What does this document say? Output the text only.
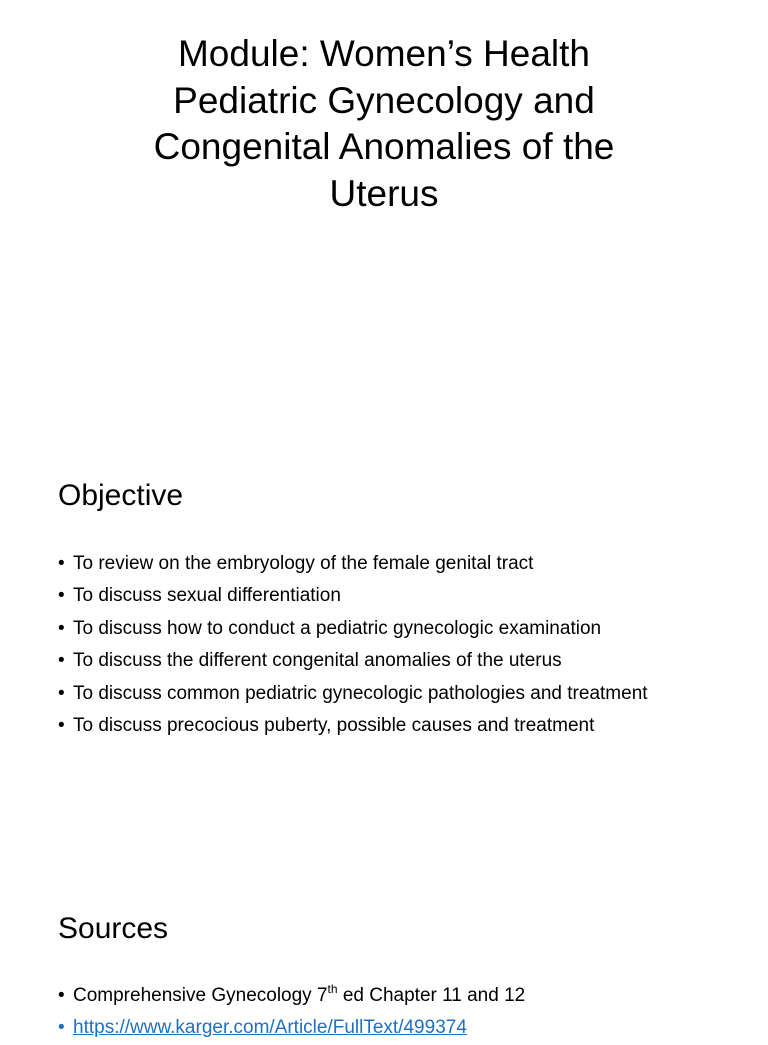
Module: Women’s Health
Pediatric Gynecology and
Congenital Anomalies of the
Uterus
Objective
• To review on the embryology of the female genital tract
• To discuss sexual differentiation
• To discuss how to conduct a pediatric gynecologic examination
• To discuss the different congenital anomalies of the uterus
• To discuss common pediatric gynecologic pathologies and treatment
• To discuss precocious puberty, possible causes and treatment
Sources
• Comprehensive Gynecology 7th ed Chapter 11 and 12
• https://www.karger.com/Article/FullText/499374
